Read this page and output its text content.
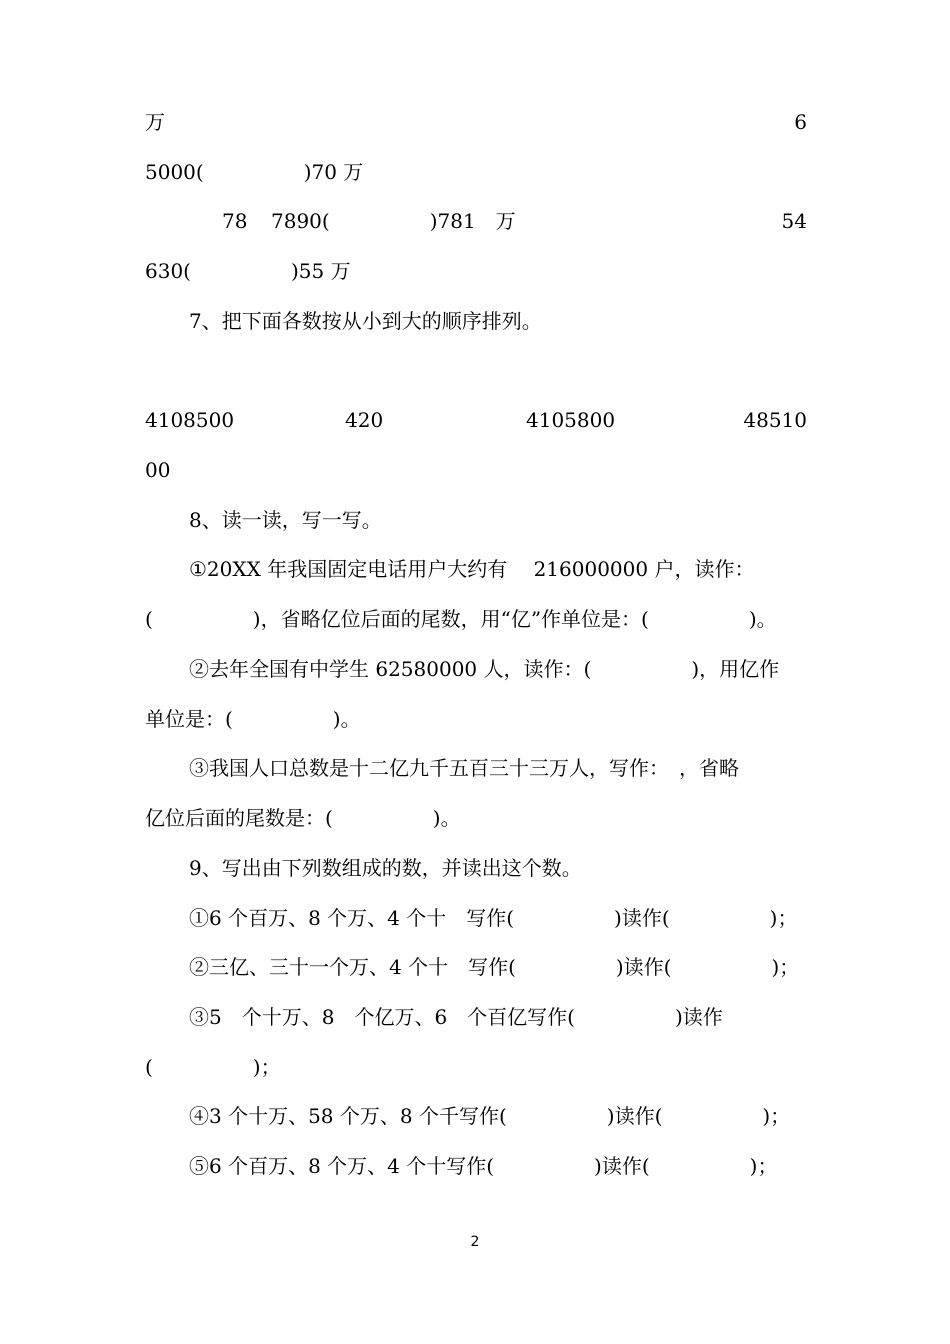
万

	6

5000(　　　　　)70 万

78

7890(　　　　　)781　万

	54

630(　　　　　)55 万
7、把下面各数按从小到大的顺序排列。

4108500

	420

	4105800

	48510

00
8、读一读，写一写。
①20XX 年我国固定电话用户大约有　 216000000 户，读作：
(　　　　　)，省略亿位后面的尾数，用“亿”作单位是：(　　　　　)。
②去年全国有中学生 62580000 人，读作：(　　　　　)，用亿作
单位是：(　　　　　)。
③我国人口总数是十二亿九千五百三十三万人，写作：　，省略
亿位后面的尾数是：(　　　　　)。
9、写出由下列数组成的数，并读出这个数。
①6 个百万、8 个万、4 个十　写作(　　　　　)读作(　　　　　)；
②三亿、三十一个万、4 个十　写作(　　　　　)读作(　　　　　)；
③5　个十万、8　个亿万、6　个百亿写作(　　　　　)读作
(　　　　　)；
④3 个十万、58 个万、8 个千写作(　　　　　)读作(　　　　　)；
⑤6 个百万、8 个万、4 个十写作(　　　　　)读作(　　　　　)；
2
